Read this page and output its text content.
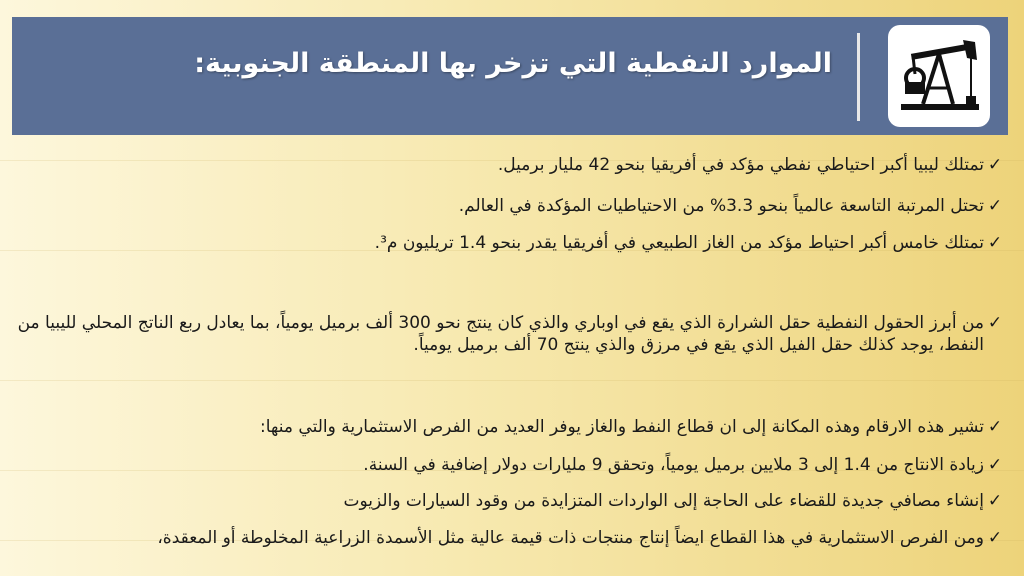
الموارد النفطية التي تزخر بها المنطقة الجنوبية:
✓
تمتلك ليبيا أكبر احتياطي نفطي مؤكد في أفريقيا بنحو 42 مليار برميل.
✓
تحتل المرتبة التاسعة عالمياً بنحو 3.3% من الاحتياطيات المؤكدة في العالم.
✓
تمتلك خامس أكبر احتياط مؤكد من الغاز الطبيعي في أفريقيا يقدر بنحو 1.4 تريليون م³.
✓
من أبرز الحقول النفطية حقل الشرارة الذي يقع في اوباري والذي كان ينتج نحو 300 ألف برميل يومياً، بما يعادل ربع الناتج المحلي لليبيا من النفط، يوجد كذلك حقل الفيل الذي يقع في مرزق والذي ينتج 70 ألف برميل يومياً.
✓
تشير هذه الارقام وهذه المكانة إلى ان قطاع النفط والغاز يوفر العديد من الفرص الاستثمارية والتي منها:
✓
زيادة الانتاج من 1.4 إلى 3 ملايين برميل يومياً، وتحقق 9 مليارات دولار إضافية في السنة.
✓
إنشاء مصافي جديدة للقضاء على الحاجة إلى الواردات المتزايدة من وقود السيارات والزيوت
✓
ومن الفرص الاستثمارية في هذا القطاع ايضاً إنتاج منتجات ذات قيمة عالية مثل الأسمدة الزراعية المخلوطة أو المعقدة،
